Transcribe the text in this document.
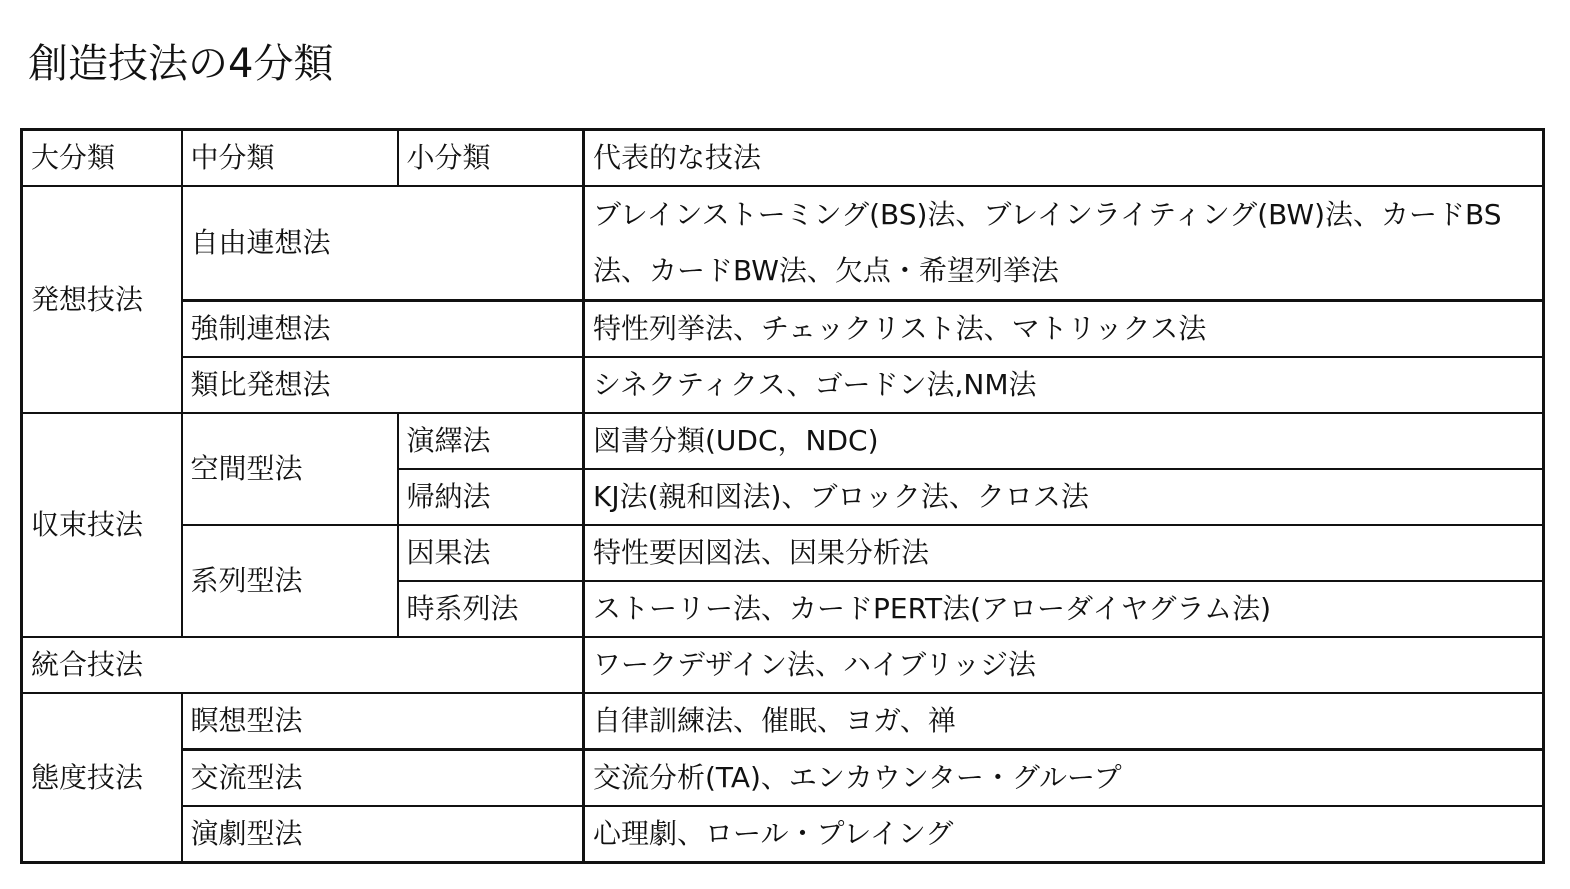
創造技法の4分類
大分類	中分類	小分類	代表的な技法
発想技法	自由連想法		ブレインストーミング(BS)法、ブレインライティング(BW)法、カードBS法、カードBW法、欠点・希望列挙法
	強制連想法		特性列挙法、チェックリスト法、マトリックス法
	類比発想法		シネクティクス、ゴードン法,NM法
収束技法	空間型法	演繹法	図書分類(UDC，NDC)
		帰納法	KJ法(親和図法)、ブロック法、クロス法
	系列型法	因果法	特性要因図法、因果分析法
		時系列法	ストーリー法、カードPERT法(アローダイヤグラム法)
統合技法			ワークデザイン法、ハイブリッジ法
態度技法	瞑想型法		自律訓練法、催眠、ヨガ、禅
	交流型法		交流分析(TA)、エンカウンター・グループ
	演劇型法		心理劇、ロール・プレイング
